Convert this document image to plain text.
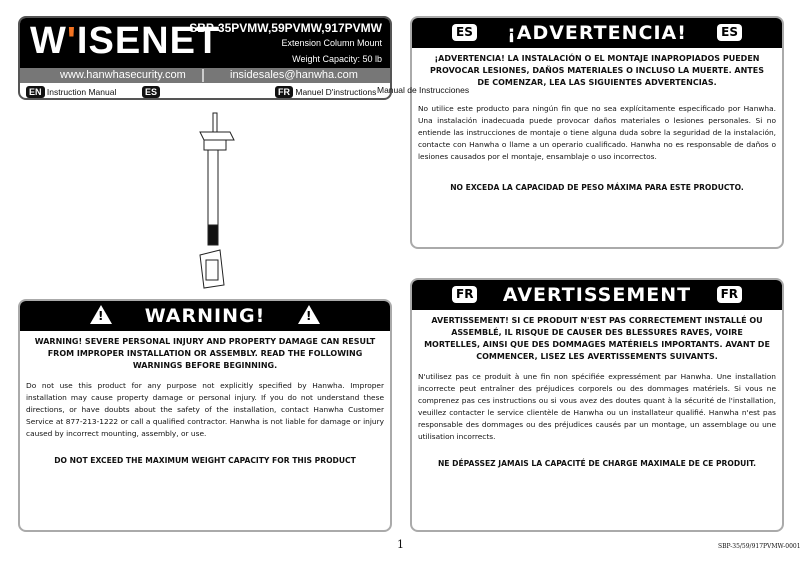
W'ISENET
SBP-35PVMW,59PVMW,917PVMW
Extension Column Mount
Weight Capacity: 50 lb
www.hanwhasecurity.com	insidesales@hanwha.com
EN Instruction Manual	ES	FR Manuel D'instructions
ES ¡ADVERTENCIA!	ES
¡ADVERTENCIA! LA INSTALACIÓN O EL MONTAJE INAPROPIADOS PUEDEN PROVOCAR LESIONES, DAÑOS MATERIALES O INCLUSO LA MUERTE. ANTES DE COMENZAR, LEA LAS SIGUIENTES ADVERTENCIAS.
No utilice este producto para ningún fin que no sea explícitamente especificado por Hanwha. Una instalación inadecuada puede provocar daños materiales o lesiones personales. Si no entiende las instrucciones de montaje o tiene alguna duda sobre la seguridad de la instalación, contacte con Hanwha o llame a un operario cualificado. Hanwha no es responsable de daños o lesiones causados por el montaje, ensamblaje o uso incorrectos.
NO EXCEDA LA CAPACIDAD DE PESO MÁXIMA PARA ESTE PRODUCTO.
Manual de Instrucciones
!
WARNING!
!
WARNING! SEVERE PERSONAL INJURY AND PROPERTY DAMAGE CAN RESULT FROM IMPROPER INSTALLATION OR ASSEMBLY. READ THE FOLLOWING WARNINGS BEFORE BEGINNING.
Do not use this product for any purpose not explicitly specified by Hanwha. Improper installation may cause property damage or personal injury. If you do not understand these directions, or have doubts about the safety of the installation, contact Hanwha Customer Service at 877-213-1222 or call a qualified contractor. Hanwha is not liable for damage or injury caused by incorrect mounting, assembly, or use.
DO NOT EXCEED THE MAXIMUM WEIGHT CAPACITY FOR THIS PRODUCT
FR AVERTISSEMENT	FR
AVERTISSEMENT! SI CE PRODUIT N'EST PAS CORRECTEMENT INSTALLÉ OU ASSEMBLÉ, IL RISQUE DE CAUSER DES BLESSURES RAVES, VOIRE MORTELLES, AINSI QUE DES DOMMAGES MATÉRIELS IMPORTANTS. AVANT DE COMMENCER, LISEZ LES AVERTISSEMENTS SUIVANTS.
N'utilisez pas ce produit à une fin non spécifiée expressément par Hanwha. Une installation incorrecte peut entraîner des préjudices corporels ou des dommages matériels. Si vous ne comprenez pas ces instructions ou si vous avez des doutes quant à la sécurité de l'installation, veuillez contacter le service clientèle de Hanwha ou un installateur qualifié. Hanwha n'est pas responsable des dommages ou des préjudices causés par un montage, un assemblage ou une utilisation incorrects.
NE DÉPASSEZ JAMAIS LA CAPACITÉ DE CHARGE MAXIMALE DE CE PRODUIT.
1	SBP-35/59/917PVMW-0001
